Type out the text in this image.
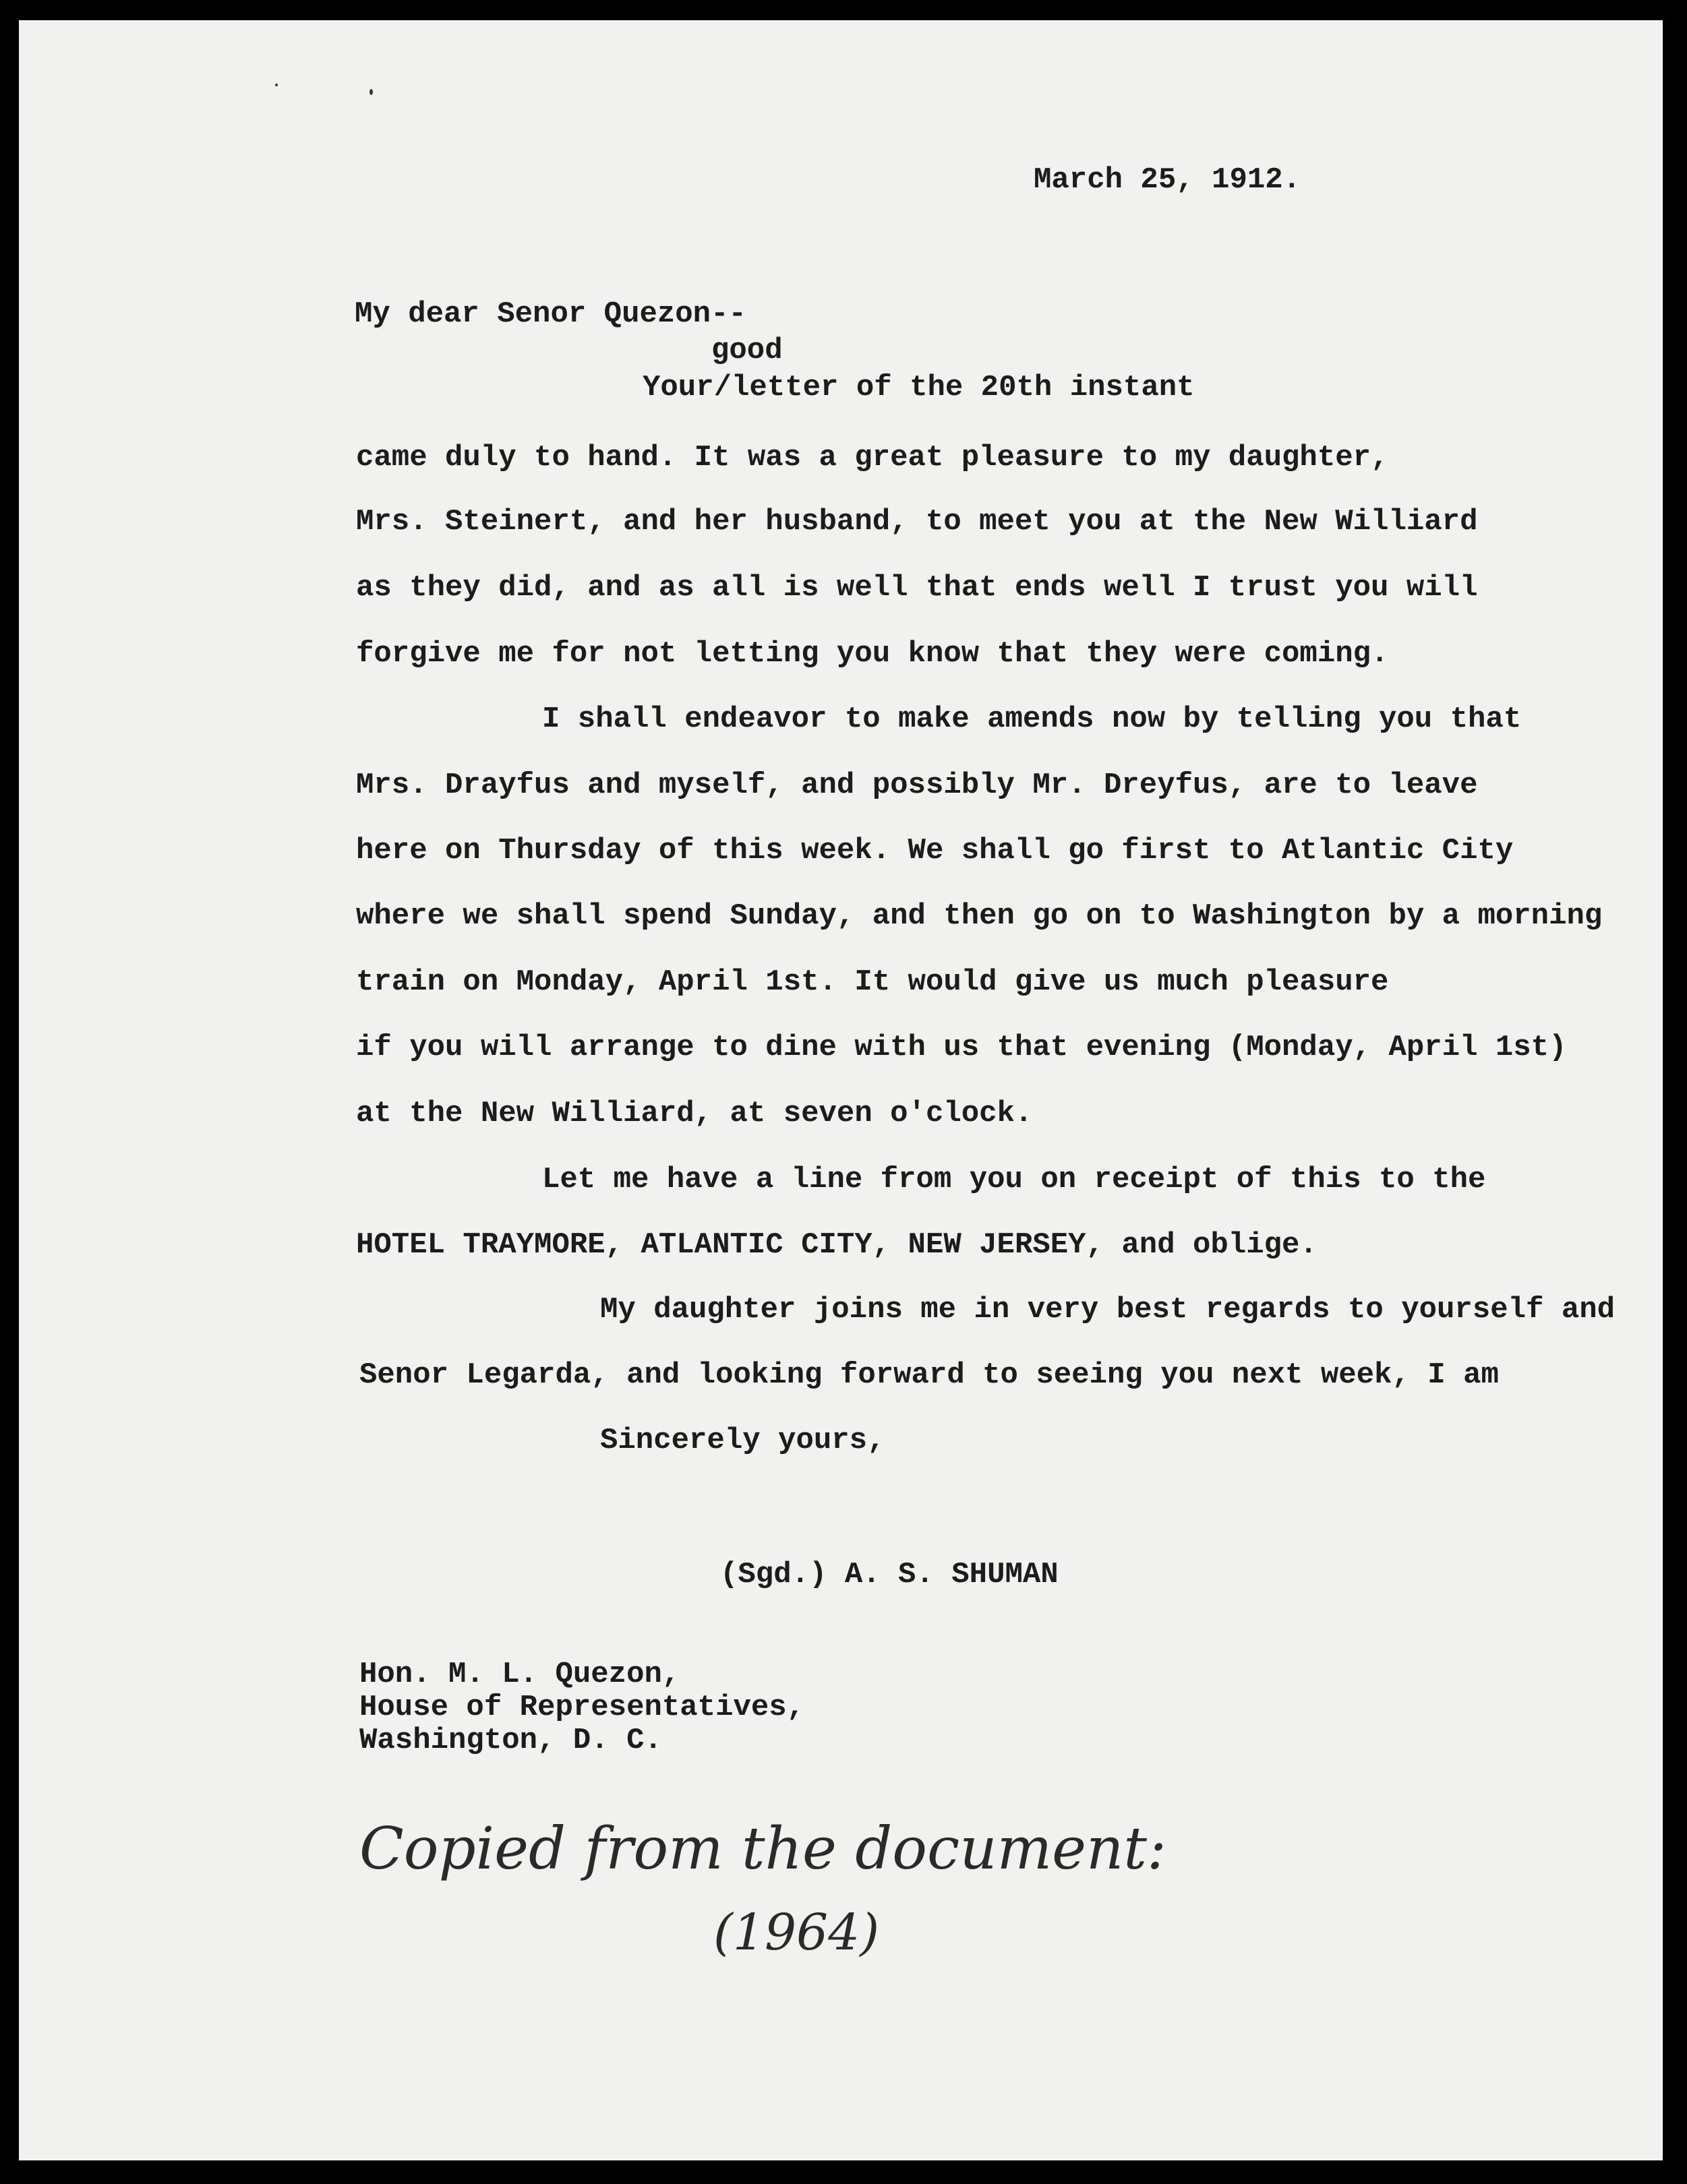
March 25, 1912.
My dear Senor Quezon--
good
Your/letter of the 20th instant
came duly to hand. It was a great pleasure to my daughter,
Mrs. Steinert, and her husband, to meet you at the New Williard
as they did, and as all is well that ends well I trust you will
forgive me for not letting you know that they were coming.
I shall endeavor to make amends now by telling you that
Mrs. Drayfus and myself, and possibly Mr. Dreyfus, are to leave
here on Thursday of this week. We shall go first to Atlantic City
where we shall spend Sunday, and then go on to Washington by a morning
train on Monday, April 1st. It would give us much pleasure
if you will arrange to dine with us that evening (Monday, April 1st)
at the New Williard, at seven o'clock.
Let me have a line from you on receipt of this to the
HOTEL TRAYMORE, ATLANTIC CITY, NEW JERSEY, and oblige.
My daughter joins me in very best regards to yourself and
Senor Legarda, and looking forward to seeing you next week, I am
Sincerely yours,
(Sgd.) A. S. SHUMAN
Hon. M. L. Quezon,
House of Representatives,
Washington, D. C.
Copied from the document:
(1964)
